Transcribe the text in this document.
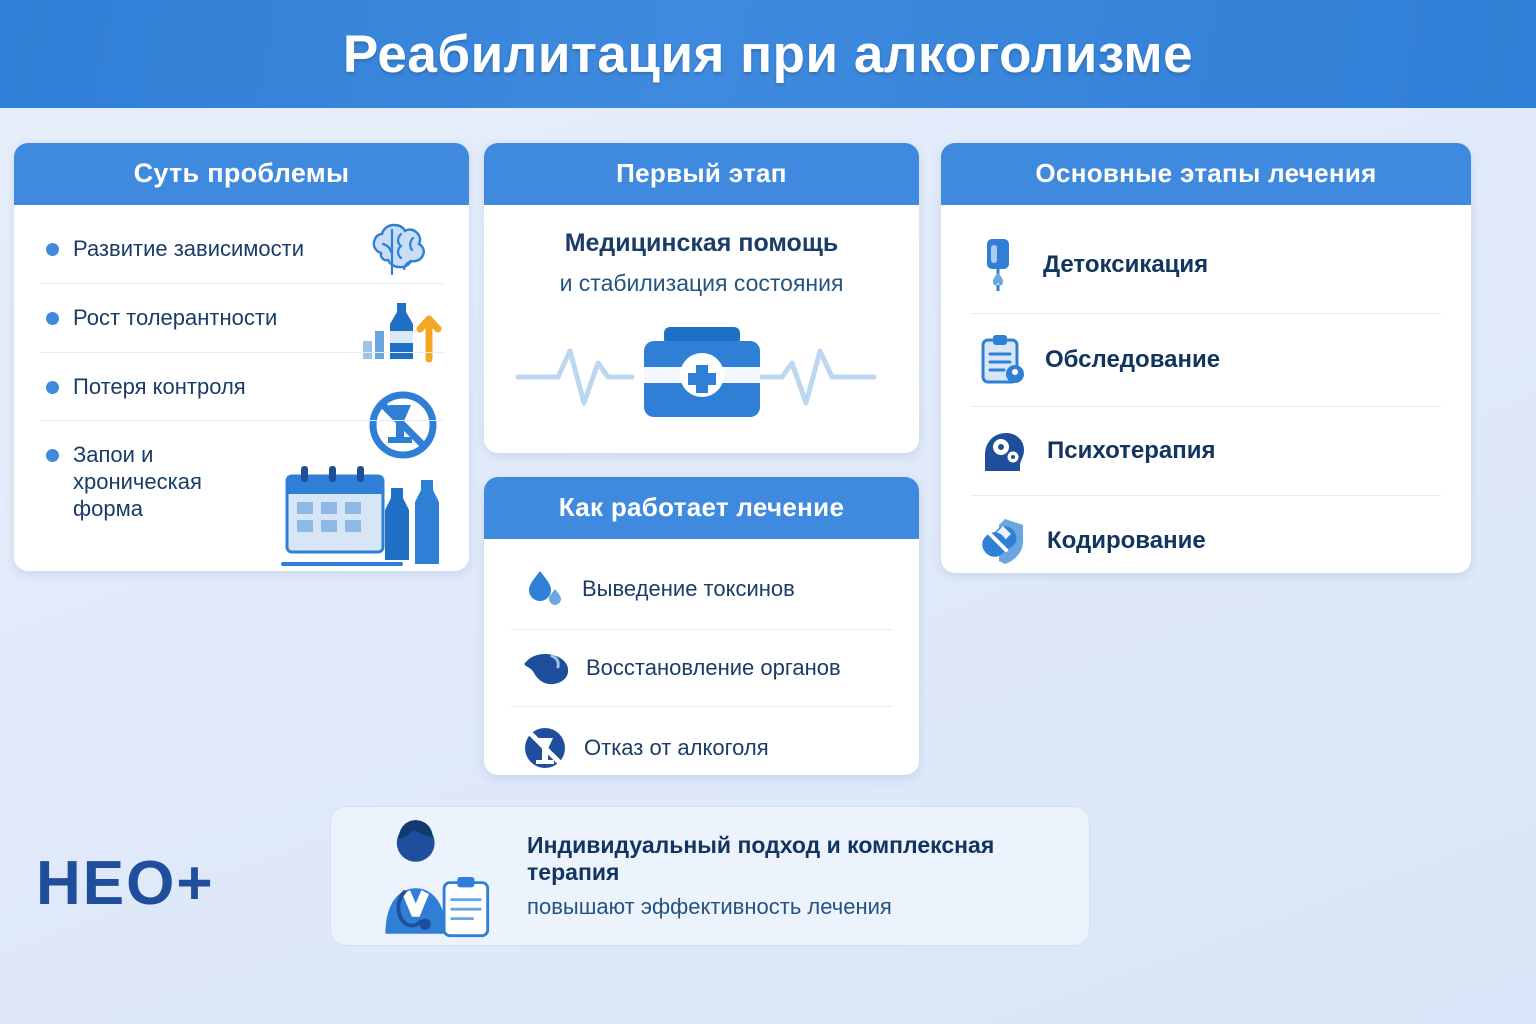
Реабилитация при алкоголизме
Суть проблемы
Развитие зависимости
Рост толерантности
Потеря контроля
Запои и хроническая форма
Первый этап
Медицинская помощь
и стабилизация состояния
Как работает лечение
Выведение токсинов
Восстановление органов
Отказ от алкоголя
Основные этапы лечения
Детоксикация
Обследование
Психотерапия
Кодирование
Индивидуальный подход и комплексная терапия
повышают эффективность лечения
HEO+
